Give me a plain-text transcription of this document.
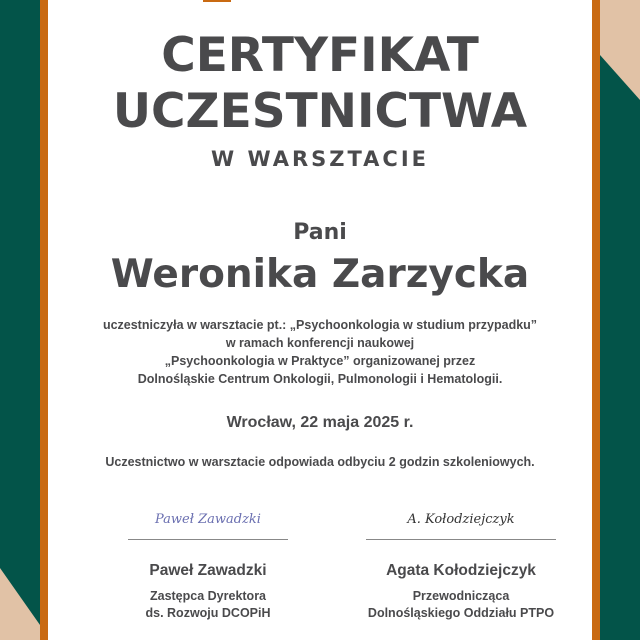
CERTYFIKAT
UCZESTNICTWA
W WARSZTACIE
Pani
Weronika Zarzycka
uczestniczyła w warsztacie pt.: „Psychoonkologia w studium przypadku”
w ramach konferencji naukowej
„Psychoonkologia w Praktyce” organizowanej przez
Dolnośląskie Centrum Onkologii, Pulmonologii i Hematologii.
Wrocław, 22 maja 2025 r.
Uczestnictwo w warsztacie odpowiada odbyciu 2 godzin szkoleniowych.
Paweł Zawadzki
Paweł Zawadzki
Zastępca Dyrektora
ds. Rozwoju DCOPiH
A. Kołodziejczyk
Agata Kołodziejczyk
Przewodnicząca
Dolnośląskiego Oddziału PTPO
